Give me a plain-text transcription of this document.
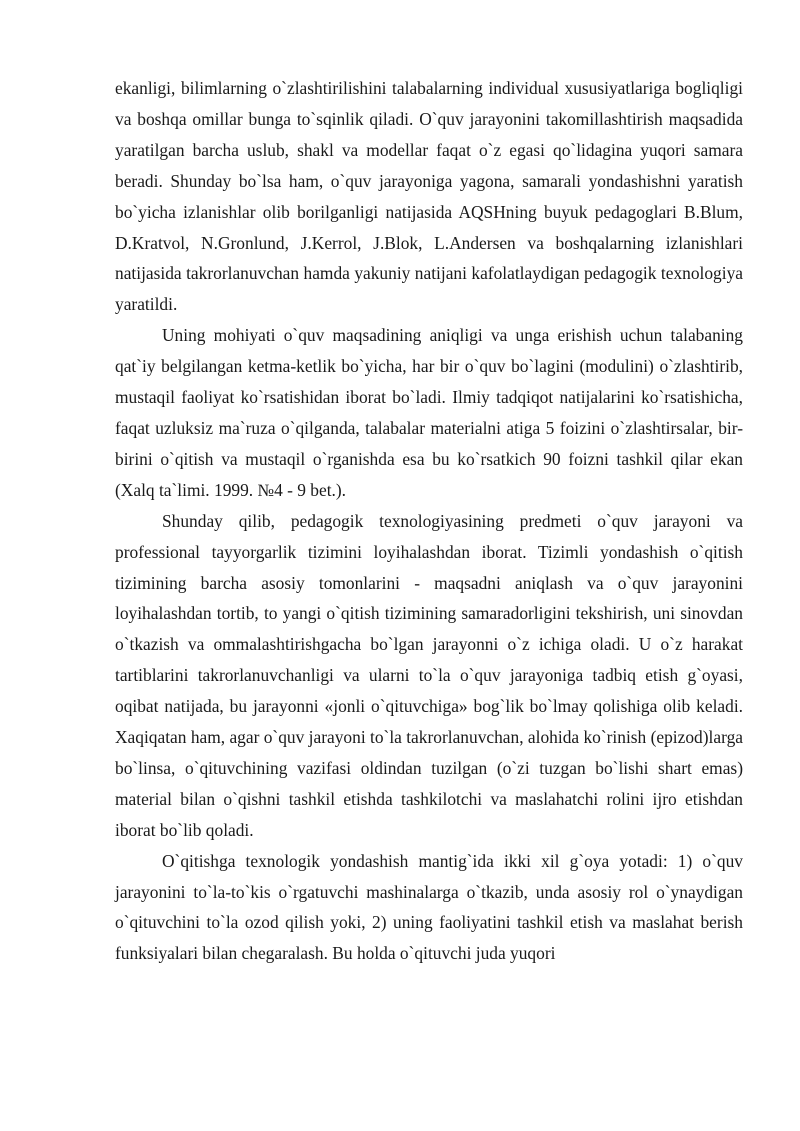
ekanligi, bilimlarning o`zlashtirilishini talabalarning individual xususiyatlariga bogliqligi va boshqa omillar bunga to`sqinlik qiladi. O`quv jarayonini takomillashtirish maqsadida yaratilgan barcha uslub, shakl va modellar faqat o`z egasi qo`lidagina yuqori samara beradi. Shunday bo`lsa ham, o`quv jarayoniga yagona, samarali yondashishni yaratish bo`yicha izlanishlar olib borilganligi natijasida AQSHning buyuk pedagoglari B.Blum, D.Kratvol, N.Gronlund, J.Kerrol, J.Blok, L.Andersen va boshqalarning izlanishlari natijasida takrorlanuvchan hamda yakuniy natijani kafolatlaydigan pedagogik texnologiya yaratildi.

Uning mohiyati o`quv maqsadining aniqligi va unga erishish uchun talabaning qat`iy belgilangan ketma-ketlik bo`yicha, har bir o`quv bo`lagini (modulini) o`zlashtirib, mustaqil faoliyat ko`rsatishidan iborat bo`ladi. Ilmiy tadqiqot natijalarini ko`rsatishicha, faqat uzluksiz ma`ruza o`qilganda, talabalar materialni atiga 5 foizini o`zlashtirsalar, bir-birini o`qitish va mustaqil o`rganishda esa bu ko`rsatkich 90 foizni tashkil qilar ekan (Xalq ta`limi. 1999. №4 - 9 bet.).

Shunday qilib, pedagogik texnologiyasining predmeti o`quv jarayoni va professional tayyorgarlik tizimini loyihalashdan iborat. Tizimli yondashish o`qitish tizimining barcha asosiy tomonlarini - maqsadni aniqlash va o`quv jarayonini loyihalashdan tortib, to yangi o`qitish tizimining samaradorligini tekshirish, uni sinovdan o`tkazish va ommalashtirishgacha bo`lgan jarayonni o`z ichiga oladi. U o`z harakat tartiblarini takrorlanuvchanligi va ularni to`la o`quv jarayoniga tadbiq etish g`oyasi, oqibat natijada, bu jarayonni «jonli o`qituvchiga» bog`lik bo`lmay qolishiga olib keladi. Xaqiqatan ham, agar o`quv jarayoni to`la takrorlanuvchan, alohida ko`rinish (epizod)larga bo`linsa, o`qituvchining vazifasi oldindan tuzilgan (o`zi tuzgan bo`lishi shart emas) material bilan o`qishni tashkil etishda tashkilotchi va maslahatchi rolini ijro etishdan iborat bo`lib qoladi.

O`qitishga texnologik yondashish mantig`ida ikki xil g`oya yotadi: 1) o`quv jarayonini to`la-to`kis o`rgatuvchi mashinalarga o`tkazib, unda asosiy rol o`ynaydigan o`qituvchini to`la ozod qilish yoki, 2) uning faoliyatini tashkil etish va maslahat berish funksiyalari bilan chegaralash. Bu holda o`qituvchi juda yuqori
